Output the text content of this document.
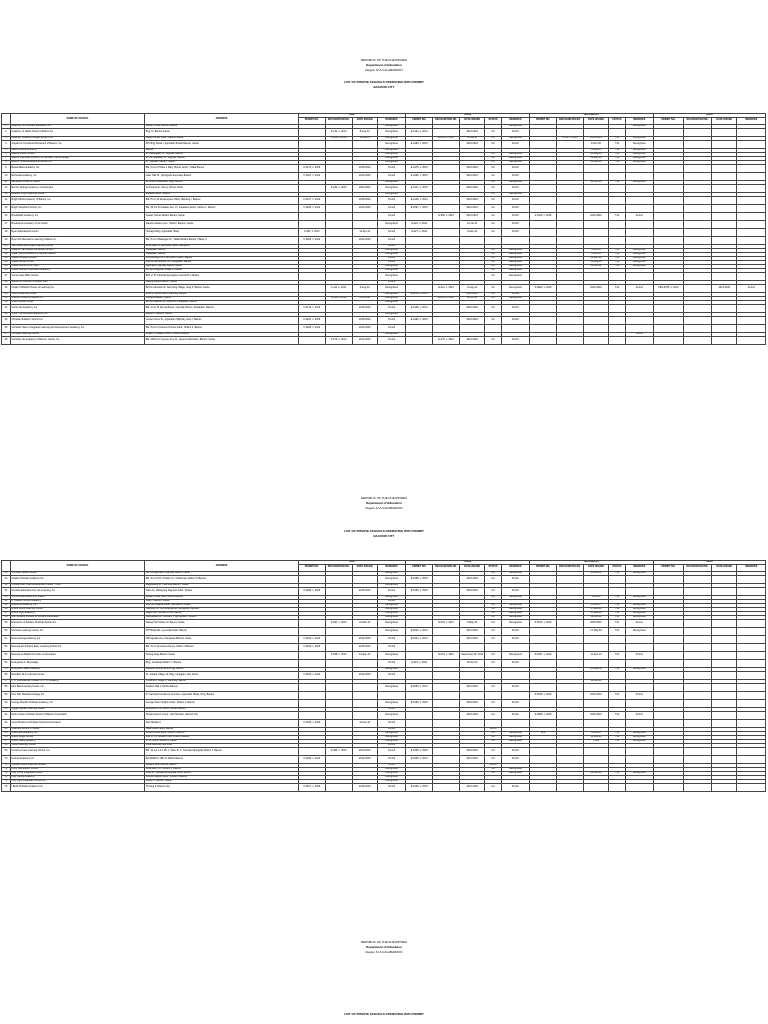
REPUBLIC OF THE PHILIPPINES
Department of Education
Region IV-A CALABARZON
LIST OF PRIVATE SCHOOLS OPERATING WITH PERMIT
BACOOR CITY
	NAME OF SCHOOL	ADDRESS	KINP				ELEM					SECONDARY					SPED			
			PERMIT NO.	RECOGNITION NO.	DATE ISSUED	REMARKS	PERMIT NO.	RECOGNITION NO.	DATE ISSUED	STATUS	REMARKS	PERMIT NO.	RECOGNITION NO.	DATE ISSUED	STATUS	REMARKS	PERMIT NO.	RECOGNITION NO.	DATE ISSUED	REMARKS
1	Academy for Christian Education, Inc.	Queen's Row Central, Bacoor				Recognized					Recognized					Recognized				
2	Academy of Saints Peter's Children Inc.	Brgy III, Bacoor Cavite		K-131, s. 2013	8-Aug-13	Recognized	E-0124, s. 2014		2013-2014	LVI	Permit									
3	Advance Treasure College System, Inc.	Marie Homes Subd., Bacoor Cavite		K-108, s. 2013	30-Jul-13	Recognized		E-301, s. 2013	08-Jul-13	LVI	Recognized		S-151, s. 2013	2013-2014	7'10	Recognized				
4	Angelicum Immanuel Montessori of Bacoor, Inc.	PHI Brgy Rosal I, Aguinaldo Ilnwav Bacoor, Cavite				Recognized	E-0480, s. 2015		2015-2016	LVI	Permit			9-Dec-09	7'10	Recognized				
5	Bacoor Bethel Academy	Bacoor				Recognized								3-Aug-10	7'10	Recognized				
6	Bacoor Parish School	275 Evangelio St., Digman, Bacoor				Recognized				LVI	Recognized			10-Aug-08	7'10	Recognized				
7	Bacoor Parochial School of St. Michael The Archangel	275 E. Gavasan St., Digman, Bacoor				Recognized				LVI	Recognized			21-Mar-08	7'10	Recognized				
8	Bacoor United Evangelical School Inc.	277 Banalo, Bacoor, Cavite				Recognized				LVI	Recognized			31-Jan-08	7'10	Recognized				
9	Beata Maria Academy, Inc.	Blk. 5 Lot 2 Phase 1 Mary Homes Subd., Villaia Bacoor	K-0474, s. 2015		2015-2016	Permit	E-0475, s. 2015		2015-2016	LVI	Permit									
10	Bethesda Academy, Inc.	Lake Trail St., Springville Executive Bacoor	K-4051, s. 2014		2014-2015	Permit	E-4052, s. 2015		2014-2015	LVI	Permit									
11	Bethesda School of Cavite	12 Molino Boulevard, Niog, Bacoor				Recognized				LVI	Recognized			21-Jun-06	7'10	Recognized				
12	Bernier Springs Academy, Incorporated	10 Purana St. Cherry Homes Subd.		K-182, s. 2003	2003-2004	Recognized	E-0417, s. 2015		2015-2016	LVI	Permit									
13	Blessed Virgin Learning Center	Marietta Subd., Bacoor				Recognized				LVI	Recognized									
14	Bright Minds Academy of Bacoor, Inc.	Blk. 8 Lot 10 Dreamspace Villas, Mambog I, Bacoor	K-0137, s. 2014		2015-2016	Permit	E-0138, s. 2014		2015-2016	LVI	Permit									
15	Bright Shepherd School, Inc.	Blk. 33 Lot 43 Catalan Ave. Pr. Lacadena Subd., Molino 1, Bacoor	K-2596, s. 2014		2014-2015	Permit	E-2597, s. 2015		2014-2015	LVI	Permit									
16	Brookfields Academy, Inc.	Kaisan Homes Molino Bacoor Cavite				Permit		E-380, s. 2013	2013-2014	LVI	Permit	S-0119, s. 2016		2015-2016	7'10	Permit				
17	Brookstone Academy of the South	Maurice Alvarez Ave., Molino, Bacoor, Cavite				Recognized	E-022, s. 2013		18-Jul-13	LVI	Permit									
18	Byers Educational Center	Heritage Bldg. Aguinaldo Hiway	K-080, s. 2013		12-Apr-13	Permit	E-027, s. 2013		9-Sep-13	LVI	Permit									
19	Byers De Mercado's Learning Institute Inc.	Blk. 5 Lot 3 Batangas St., Talaba Molino Bacoor, Habay II	K-4053, s. 2014		2014-2015	Permit														
20	Call Nava Little Angels Learning Center	1199 Gabi St. Reinosde Subd. Daanghari				Permit														
21	Casa de San Miguel Montessori School	Panapaan, Bacoor				Recognized				LVI	Recognized			3-Jun-09	7'10	Recognized				
22	Casa Yola Montessori Int. Batman Bacoor	Panapaan, Bacoor				Recognized				LVI	Recognized			3-Jun-09	7'10	Recognized				
23	Castle Christian School	Old Bahayan St. P de Castro Subd., Bacoor				Permit				LVI	Recognized			31-Jan-09	7'10	Recognized				
24	Castle School of Life	Villa Corsa, Espiritu St., Panapaan, Bacoor				Permit				LVI	Recognized			12-Aug-09	7'10	Recognized				
25	Castle School of St. Peter	Aguinaldo Highway Bacoor Cavite				Recognized				LVI	Recognized			11-Jun-08	7'10	Recognized				
26	Cavite Southern Extended Academy	Rd 1st Pergolnal Village 6, Bacoor				Recognized				LVI	Recognized									
27	Center Gate Bible School	B30 L7 Pr Camella Springville Central Ph 2 Molino				Recognized				LVI	Recognized									
28	Center for Children Christian Care	Sulong Reyes Bacoor, Cavite				Permit														
29	Chadi of Wisdom House of Learning Inc.	B2 8L Celestina St. New Niog Village, Niog II, Bacoor Cavite		K-111, s. 2013	8-Aug-13	Recognized		E-212, s. 2013	8-Aug-14	LVI	Recognized	S-0904, s. 2016		2016-2016	7'10	Permit	PES-2878, s. 2014		2014-2015	Permit
30	Cherry Learning Center	Cherry Homes Subd. Mambog Bacoor				Recognized	E-0040, s. 2015		2015-2016	LVI	Permit									
31	Children School of Camel Inn	Camella Bacoor, Cavite		K-098, s. 2012	29-Oct-12	Recognized		E-033, s. 2012	28-Oct-12	LVI	Recognized									
32	Child's Quest Center	B8 L15 Gazebo St. Sorrento, Panapaan, Bacoor				Recognized														
33	Christ Life Academy, Inc.	Blk. 4 Lot 15 Sonnenflower, Camella Homes, Panapaan, Bacoor	K-0144, s. 2014		2015-2016	Permit	E-0145, s. 2014		2015-2016	LVI	Permit									
34	Christ The Anointed Academy, Inc.	Molino II, Bacoor, Cavite				Recognized														
35	Christian Builders' School Inc.	Center Nerve St., Aguinaldo Highway, Niog I, Bacoor	K-0481, s. 2015		2015-2016	Permit	E-0482, s. 2015		2015-2016	LVI	Permit									
36	Christian Haven Integrated Learning and Development Academy, Inc.	Blk. 5 Lot 2 Kristonio Homes Subd., Molino 2, Bacoor	K-2908, s. 2014		2014-2015	Permit														
37	Christian Learning Center	Phase II, Soldiers Hills IV, Molino Bacoor				Recognized										Permit				
38	Christian Life Academy of Bacoor, Cavite, Inc.	Blk. 2418 Lot 3 Queen Ave St., Queens Row East, Bacoor, Cavite		K-275, s. 2014	2014-2015	Permit		E-275, s. 2014	2014-2015	LVI	Permit									
REPUBLIC OF THE PHILIPPINES
Department of Education
Region IV-A CALABARZON
LIST OF PRIVATE SCHOOLS OPERATING WITH PERMIT
BACOOR CITY
	NAME OF SCHOOL	ADDRESS	KINP				ELEM					SECONDARY					SPED			
			PERMIT NO.	RECOGNITION NO.	DATE ISSUED	REMARKS	PERMIT NO.	RECOGNITION NO.	DATE ISSUED	STATUS	REMARKS	PERMIT NO.	RECOGNITION NO.	DATE ISSUED	STATUS	REMARKS	PERMIT NO.	RECOGNITION NO.	DATE ISSUED	REMARKS
39	Christian Values School	Blk. 08 Aguinaldo Highway Bacoor Cavite				Recognized				LVI	Recognized			21-Jul-09	7'10	Recognized				
40	Citadel Christian Academy Inc.	Blk. 9 Lot 9 Ph. 3 Daisy St., Childrenia, Molino III, Bacoor				Recognized	E-0486, s. 2015		2015-2016	LVI	Permit									
41	Crystal Little Child Development Center - Corp.	Magdiwang St. Villa Julia Bacoor, Cavite				Recognized														
42	Creative Education For Life Learning, Inc.	Talon St., Bahayang Pag-asa Subd., Molino	K-0488, s. 2015		2015-2016	Permit	E-0489, s. 2015		2015-2016	LVI	Permit									
43	Christ Rose Academy of Cavite	Queen's Row Subd. Molino Bacoor				Recognized				LVI	Recognized			4-Jul-08	7'10	Recognized				
44	D. Matheo School Academy	Niog II, Bacoor, Cavite				Permit														
45	Dasmond Academy, Inc.	B14 L24 Sparkle Rose Villa Bacoor Cavite				Recognized				LVI	Recognized			10-Jul-07	7'10	Recognized				
46	Divine Jesus Learning Center	Sampilok St. Our Evangelista, Bahayang Pag-asa				Recognized				LVI	Recognized			17-Dec-08	7'10	Recognized				
47	Divine Light Academy	Sagor Ave. Gordon's Hills, Bacoor				Recognized				LVI	Recognized			17-Mar-09	7'10	Recognized				
48	Don Gravero Institute of Cavite Incorporated	Sampaguita Dr. Central Pl. Springville II, Molino				Recognized				LVI	Recognized			20-Jun-08	7'10	Recognized				
49	Educators of Wisdom Christian School Inc.	Daang Hari Molino IV, Bacoor Cavite		K-097, s. 2013	21-Mar-13	Recognized		E-033, s. 2013	5-May-13	LVI	Recognized	S-0514, s. 2016		2015-2016	7'10	Permit				
50	Emmaus Learning Center, Inc.	257 Bistia Rd. Lyonsville Subd. Bacoor				Recognized	E-0022, s. 2014		2014-2015	LVI	Permit			17-May-83	7'10	Recognized				
51	Ena Learning Academy Inc.	158 Aguado Ave. Panapaan Bacoor, Cavite	K-0243, s. 2014		2014-2015	Permit	E-0244, s. 2014		2014-2015	LVI	Permit									
52	Escuela Del Infinitus Early Learning School Inc.	Blk. 3 Lot 19 Louise Homes, Molino II Bacoor	K-0403, s. 2015		2015-2016	Permit														
53	Escuela La Madrid of Cavite Incorporated	Sulong Saya Bacoor Cavite		K-038, s. 2012	19-Sep-12	Recognized		E-019, s. 2012	September 28, 2012	LVI	Recognized	S-2497, s. 2012		11-Feb-13	7'10	Permit				
54	Evangelina A. Buenvaiga	Brgy. Ginaowan Molino 7, Bacoor				Permit	E-015, s. 2012		22-Oct-12	LVI	Permit									
55	Evergreen Sauer Academy	Camella Springville E1 Brgy Bacoor				Recognized								12-May-09	7'10	Recognized				
56	Excellent SLC Learning Center	St. Joseph Village 10, Brgy. Lanigpan, San Pedro	K-0426, s. 2014		2014-2015	Permit														
57	F. K. International College Of. F. K. Academy	Priedmont Village 1, Mambog, Bacoor												19-Apr-99						
58	First Baid Learning Center, Inc.	Soldiers Hall 4, Molino Bacoor				Recognized	E-0063, s. 2014		2014-2015	LVI	Permit									
59	Five Star Standard College Inc.	27 Carnival Corridence Complex, Aguinaldo Hiway, Niog, Bacoor										S-5198, s. 2016		2016-2016	7'10	Permit				
60	George Mueller Christian Academy, Inc.	George Town Heights Subd., Molino 4, Bacoor				Recognized	E-0490, s. 2015		2015-2016	LVI	Permit									
61	Giggle Garden Learning Center	Aroma Rico St. Green Homes Bacoor				Permit														
62	God's Grace Christian School of Bacoor Corporation	Sergio Gomez Comp., San Nicolas I, Bacoor City				Recognized			2015-2016	LVI	Permit	S-0599, s. 2016		2015-2016	7'10	Permit				
63	Good Shepherd Christian School Incorporated	San Nicolas II	K-1040, s. 2010		11-Feb-11	Permit														
64	Gracious School of Cavite	Casa Verde South Bacoor				Permit				Permit										
65	Greenfield Academy, Inc.	Linda Homes Subd. Molino 3 Bacoor				Recognized				LVI	Recognized	029		8-Jun-10	7'10	Recognized				
66	Green Ridge School	B48 Lt 7G. Soldiers Hills 4 Molino Bacoor				Recognized				LVI	Recognized			10-Feb-06	7'10	Recognized				
67	Green Valley Academy	171 Prototo, Molino 3, Cavite				Recognized				LVI	Recognized			7-Mar	7'10	Recognized				
68	Gretel Learning Center	Pena Bautista Villa Subd.				Permit														
69	Growing Years Learning School, Inc.	Blk. 10 Lot 1 A-1 Ph 2, Talon St. 1, Camella Springville Molino 3, Bacoor		K-386, s. 2013	2013-2014	Permit	E-0395, s. 2015		2015-2016	LVI	Permit									
70	Gudrud Academy Inc.	B2 Wildliferz Hills IV Molino Bacoor	K-4026, s. 2014		2014-2015	Permit	E-4026, s. 2014		2014-2015	LVI	Permit									
71	Hamath Divina Casa de Peceka	Queens Row Central, Bacoor				Permit				Permit										
72	Heirs' Montessori School	Greenfield 1 Hi, Molino 3, Bacoor				Recognized				LVI	Recognized									
73	Holy Christ Integrated School	Imay St., Bahayang Pag-asa Subd. Molino				Recognized				LVI	Recognized			22-Jan-09	7'10	Recognized				
74	Holy Family Academy	Cortes Heights Subd., Molino II Bacoor				Recognized														
75	Holy Light Integrated School Inc.	Molino II, Bacoor, Cavite				Recognized														
76	I Build Christian Academy Inc.	79 Ising 5, Bacoor City	K-0407, s. 2015		2015-2016	Permit	E-0408, s. 2015		2014-2015	LVI	Permit									
REPUBLIC OF THE PHILIPPINES
Department of Education
Region IV-A CALABARZON
LIST OF PRIVATE SCHOOLS OPERATING WITH PERMIT
